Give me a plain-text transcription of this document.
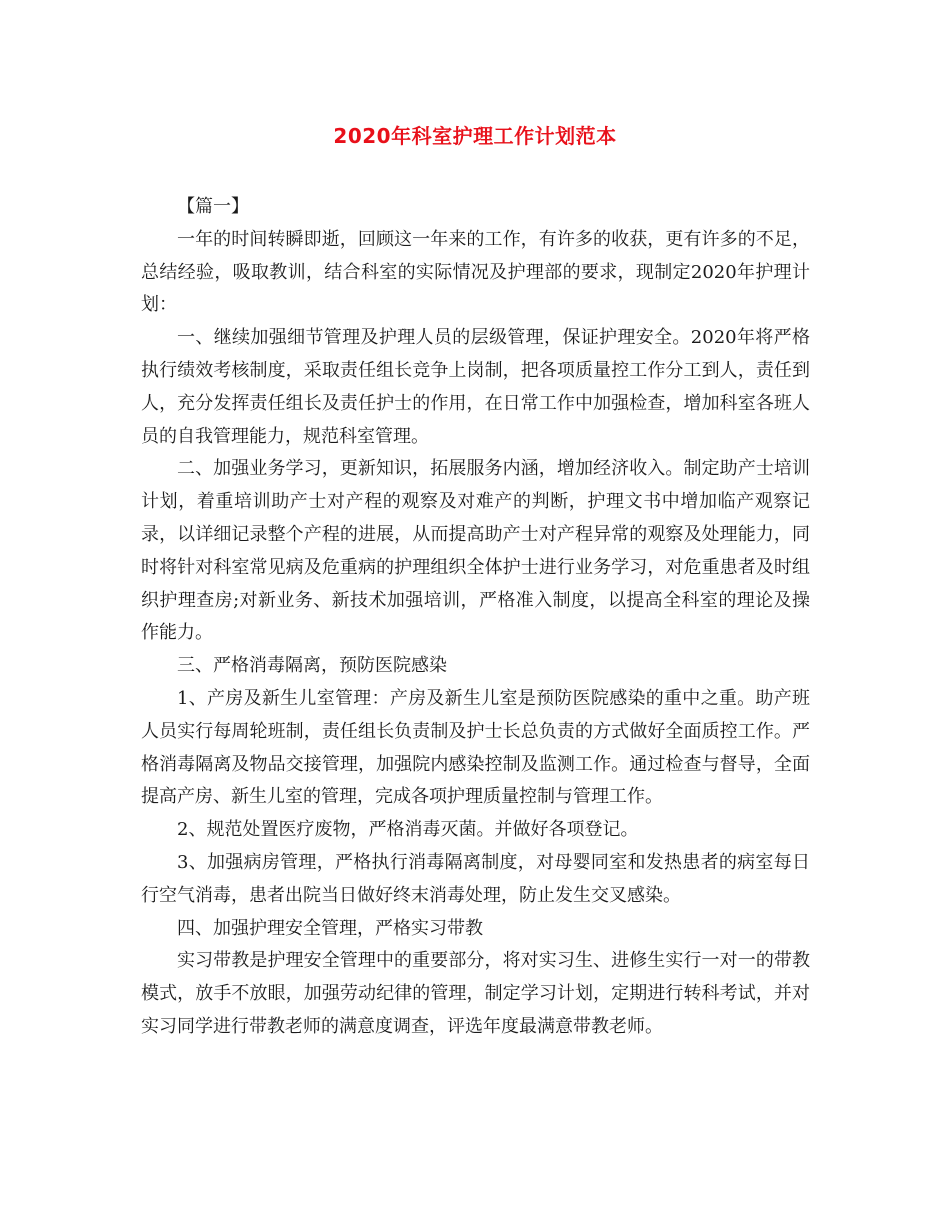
2020年科室护理工作计划范本

【篇一】

一年的时间转瞬即逝，回顾这一年来的工作，有许多的收获，更有许多的不足，总结经验，吸取教训，结合科室的实际情况及护理部的要求，现制定2020年护理计划：

一、继续加强细节管理及护理人员的层级管理，保证护理安全。2020年将严格执行绩效考核制度，采取责任组长竞争上岗制，把各项质量控工作分工到人，责任到人，充分发挥责任组长及责任护士的作用，在日常工作中加强检查，增加科室各班人员的自我管理能力，规范科室管理。

二、加强业务学习，更新知识，拓展服务内涵，增加经济收入。制定助产士培训计划，着重培训助产士对产程的观察及对难产的判断，护理文书中增加临产观察记录，以详细记录整个产程的进展，从而提高助产士对产程异常的观察及处理能力，同时将针对科室常见病及危重病的护理组织全体护士进行业务学习，对危重患者及时组织护理查房;对新业务、新技术加强培训，严格准入制度，以提高全科室的理论及操作能力。

三、严格消毒隔离，预防医院感染

1、产房及新生儿室管理：产房及新生儿室是预防医院感染的重中之重。助产班人员实行每周轮班制，责任组长负责制及护士长总负责的方式做好全面质控工作。严格消毒隔离及物品交接管理，加强院内感染控制及监测工作。通过检查与督导，全面提高产房、新生儿室的管理，完成各项护理质量控制与管理工作。

2、规范处置医疗废物，严格消毒灭菌。并做好各项登记。

3、加强病房管理，严格执行消毒隔离制度，对母婴同室和发热患者的病室每日行空气消毒，患者出院当日做好终末消毒处理，防止发生交叉感染。

四、加强护理安全管理，严格实习带教

实习带教是护理安全管理中的重要部分，将对实习生、进修生实行一对一的带教模式，放手不放眼，加强劳动纪律的管理，制定学习计划，定期进行转科考试，并对实习同学进行带教老师的满意度调查，评选年度最满意带教老师。
